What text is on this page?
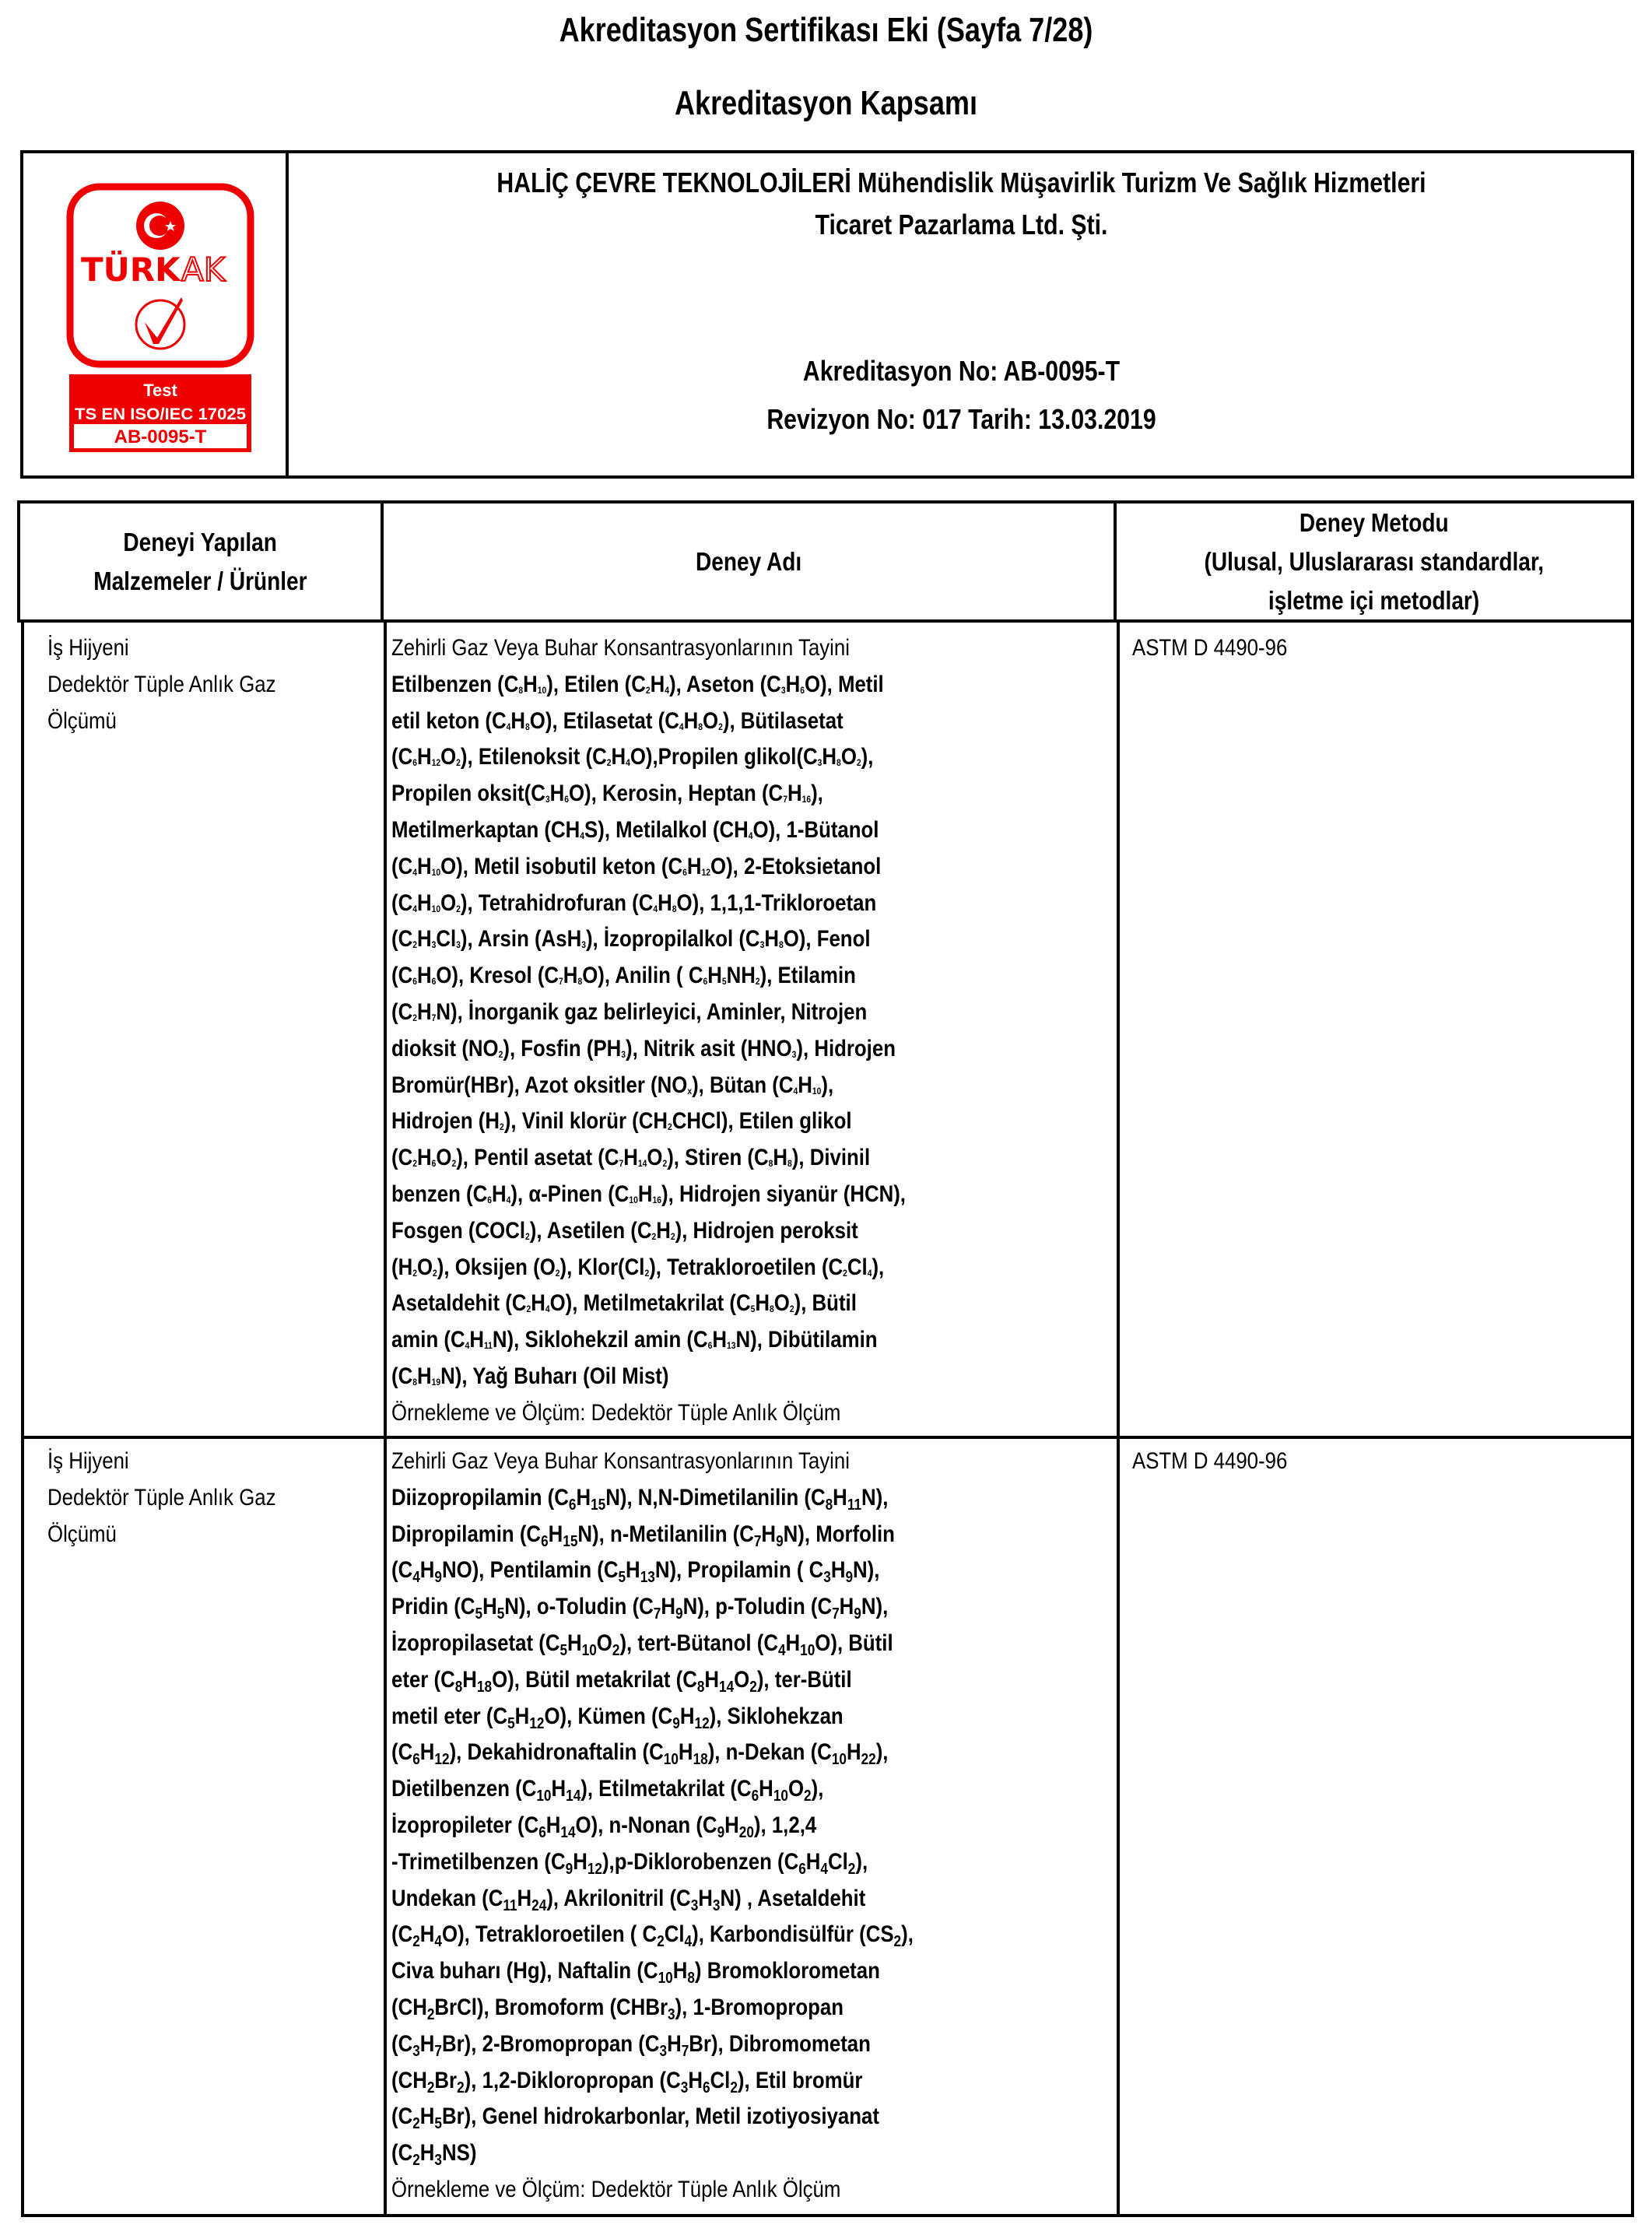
Akreditasyon Sertifikası Eki (Sayfa 7/28)
Akreditasyon Kapsamı
TÜRK AK
Test
TS EN ISO/IEC 17025
AB-0095-T
HALİÇ ÇEVRE TEKNOLOJİLERİ Mühendislik Müşavirlik Turizm Ve Sağlık Hizmetleri
Ticaret Pazarlama Ltd. Şti.
Akreditasyon No: AB-0095-T
Revizyon No: 017 Tarih: 13.03.2019
Deneyi Yapılan
Malzemeler / Ürünler
Deney Adı
Deney Metodu
(Ulusal, Uluslararası standardlar,
işletme içi metodlar)
İş Hijyeni
Dedektör Tüple Anlık Gaz
Ölçümü
Zehirli Gaz Veya Buhar Konsantrasyonlarının Tayini
Etilbenzen $(C_8H_{10})$, Etilen $(C_2H_4)$, Aseton $(C_3H_6O)$, Metil
etil keton $(C_4H_8O)$, Etilasetat $(C_4H_8O_2)$, Bütilasetat
$(C_6H_{12}O_2)$, Etilenoksit $(C_2H_4O),Propilen$ $glikol(C_3H_8O_2)$,
Propilen $oksit(C_3H_6O)$, Kerosin, Heptan $(C_7H_{16})$,
Metilmerkaptan $(CH_4S)$, Metilalkol $(CH_4O)$, 1-Bütanol
$(C_4H_{10}O)$, Metil isobutil keton $(C_6H_{12}O)$, 2-Etoksietanol
$(C_4H_{10}O_2)$, Tetrahidrofuran $(C_4H_8O)$, 1,1,1-Trikloroetan
$(C_2H_3Cl_3)$, Arsin (AsH$_3$), İzopropilalkol $(C_3H_8O)$, Fenol
$(C_6H_6O)$, Kresol $(C_7H_8O)$, Anilin ( $C_6H_5NH_2$), Etilamin
$(C_2H_7N)$, İnorganik gaz belirleyici, Aminler, Nitrojen
dioksit $(NO_2)$, Fosfin $(PH_3)$, Nitrik asit $(HNO_3)$, Hidrojen
Bromür(HBr), Azot oksitler $(NO_x)$, Bütan $(C_4H_{10})$,
Hidrojen $(H_2)$, Vinil klorür $(CH_2CHCl)$, Etilen glikol
$(C_2H_6O_2)$, Pentil asetat $(C_7H_{14}O_2)$, Stiren $(C_8H_8)$, Divinil
benzen $(C_6H_4)$, α-Pinen $(C_{10}H_{16})$, Hidrojen siyanür (HCN),
Fosgen (COCl$_2$), Asetilen $(C_2H_2)$, Hidrojen peroksit
$(H_2O_2)$, Oksijen $(O_2)$, $Klor(Cl_2)$, Tetrakloroetilen $(C_2Cl_4)$,
Asetaldehit $(C_2H_4O)$, Metilmetakrilat $(C_5H_8O_2)$, Bütil
amin $(C_4H_{11}N)$, Siklohekzil amin $(C_6H_{13}N)$, Dibütilamin
$(C_8H_{19}N)$, Yağ Buharı (Oil Mist)
Örnekleme ve Ölçüm: Dedektör Tüple Anlık Ölçüm
ASTM D 4490-96
İş Hijyeni
Dedektör Tüple Anlık Gaz
Ölçümü
Zehirli Gaz Veya Buhar Konsantrasyonlarının Tayini
Diizopropilamin $(C_6H_{15}N)$, N,N-Dimetilanilin $(C_8H_{11}N)$,
Dipropilamin $(C_6H_{15}N)$, n-Metilanilin $(C_7H_9N)$, Morfolin
$(C_4H_9NO)$, Pentilamin $(C_5H_{13}N)$, Propilamin ( $C_3H_9N$),
Pridin $(C_5H_5N)$, o-Toludin $(C_7H_9N)$, p-Toludin $(C_7H_9N)$,
İzopropilasetat $(C_5H_{10}O_2)$, tert-Bütanol $(C_4H_{10}O)$, Bütil
eter $(C_8H_{18}O)$, Bütil metakrilat $(C_8H_{14}O_2)$, ter-Bütil
metil eter $(C_5H_{12}O)$, Kümen $(C_9H_{12})$, Siklohekzan
$(C_6H_{12})$, Dekahidronaftalin $(C_{10}H_{18})$, n-Dekan $(C_{10}H_{22})$,
Dietilbenzen $(C_{10}H_{14})$, Etilmetakrilat $(C_6H_{10}O_2)$,
İzopropileter $(C_6H_{14}O)$, n-Nonan $(C_9H_{20})$, 1,2,4
-Trimetilbenzen $(C_9H_{12}),p$-Diklorobenzen $(C_6H_4Cl_2)$,
Undekan $(C_{11}H_{24})$, Akrilonitril $(C_3H_3N)$ , Asetaldehit
$(C_2H_4O)$, Tetrakloroetilen ( $C_2Cl_4$), Karbondisülfür $(CS_2)$,
Civa buharı (Hg), Naftalin $(C_{10}H_8)$ Bromoklorometan
$(CH_2BrCl)$, Bromoform (CHBr$_3$), 1-Bromopropan
$(C_3H_7Br)$, 2-Bromopropan $(C_3H_7Br)$, Dibromometan
$(CH_2Br_2)$, 1,2-Dikloropropan $(C_3H_6Cl_2)$, Etil bromür
$(C_2H_5Br)$, Genel hidrokarbonlar, Metil izotiyosiyanat
$(C_2H_3NS)$
Örnekleme ve Ölçüm: Dedektör Tüple Anlık Ölçüm
ASTM D 4490-96
